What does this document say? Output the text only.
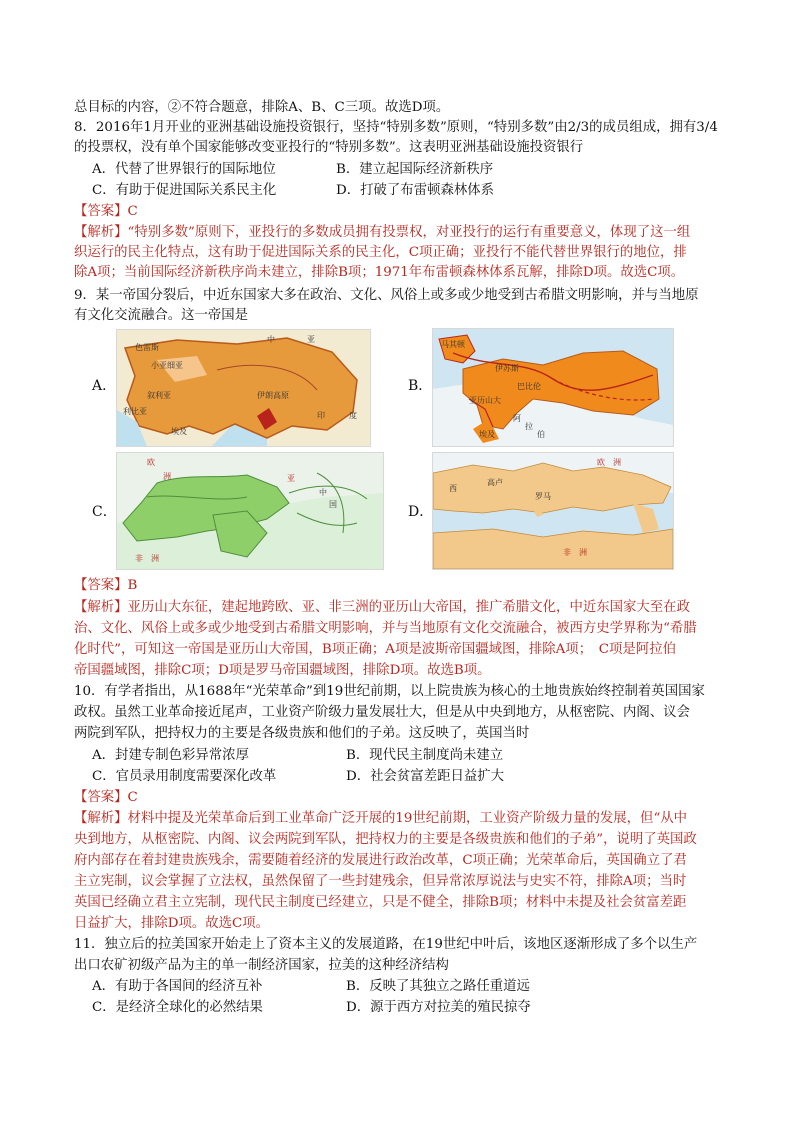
总目标的内容，②不符合题意，排除A、B、C三项。故选D项。
8．2016年1月开业的亚洲基础设施投资银行，坚持“特别多数”原则，“特别多数”由2/3的成员组成，拥有3/4
的投票权，没有单个国家能够改变亚投行的“特别多数”。这表明亚洲基础设施投资银行
A．代替了世界银行的国际地位	B．建立起国际经济新秩序
C．有助于促进国际关系民主化	D．打破了布雷顿森林体系
【答案】C
【解析】“特别多数”原则下，亚投行的多数成员拥有投票权，对亚投行的运行有重要意义，体现了这一组
织运行的民主化特点，这有助于促进国际关系的民主化，C项正确；亚投行不能代替世界银行的地位，排
除A项；当前国际经济新秩序尚未建立，排除B项；1971年布雷顿森林体系瓦解，排除D项。故选C项。
9．某一帝国分裂后，中近东国家大多在政治、文化、风俗上或多或少地受到古希腊文明影响，并与当地原
有文化交流融合。这一帝国是
A．
亚
中
色雷斯
小亚细亚
叙利亚	伊朗高原
利比亚
埃及
印	度
B．
马其顿
亚历山大
巴比伦
伊苏斯
埃及
阿
拉
伯
C．
欧
洲
非 洲
亚
中
国	D．
欧 洲
西
高卢
罗马
非 洲
【答案】B
【解析】亚历山大东征，建起地跨欧、亚、非三洲的亚历山大帝国，推广希腊文化，中近东国家大至在政
治、文化、风俗上或多或少地受到古希腊文明影响，并与当地原有文化交流融合，被西方史学界称为“希腊
化时代”，可知这一帝国是亚历山大帝国，B项正确；A项是波斯帝国疆域图，排除A项；　C项是阿拉伯
帝国疆域图，排除C项；D项是罗马帝国疆域图，排除D项。故选B项。
10．有学者指出，从1688年“光荣革命”到19世纪前期，以上院贵族为核心的土地贵族始终控制着英国国家
政权。虽然工业革命接近尾声，工业资产阶级力量发展壮大，但是从中央到地方，从枢密院、内阁、议会
两院到军队，把持权力的主要是各级贵族和他们的子弟。这反映了，英国当时
A．封建专制色彩异常浓厚	B．现代民主制度尚未建立
C．官员录用制度需要深化改革	D．社会贫富差距日益扩大
【答案】C
【解析】材料中提及光荣革命后到工业革命广泛开展的19世纪前期，工业资产阶级力量的发展，但“从中
央到地方，从枢密院、内阁、议会两院到军队，把持权力的主要是各级贵族和他们的子弟”，说明了英国政
府内部存在着封建贵族残余，需要随着经济的发展进行政治改革，C项正确；光荣革命后，英国确立了君
主立宪制，议会掌握了立法权，虽然保留了一些封建残余，但异常浓厚说法与史实不符，排除A项；当时
英国已经确立君主立宪制，现代民主制度已经建立，只是不健全，排除B项；材料中未提及社会贫富差距
日益扩大，排除D项。故选C项。
11．独立后的拉美国家开始走上了资本主义的发展道路，在19世纪中叶后，该地区逐渐形成了多个以生产
出口农矿初级产品为主的单一制经济国家，拉美的这种经济结构
A．有助于各国间的经济互补	B．反映了其独立之路任重道远
C．是经济全球化的必然结果	D．源于西方对拉美的殖民掠夺
